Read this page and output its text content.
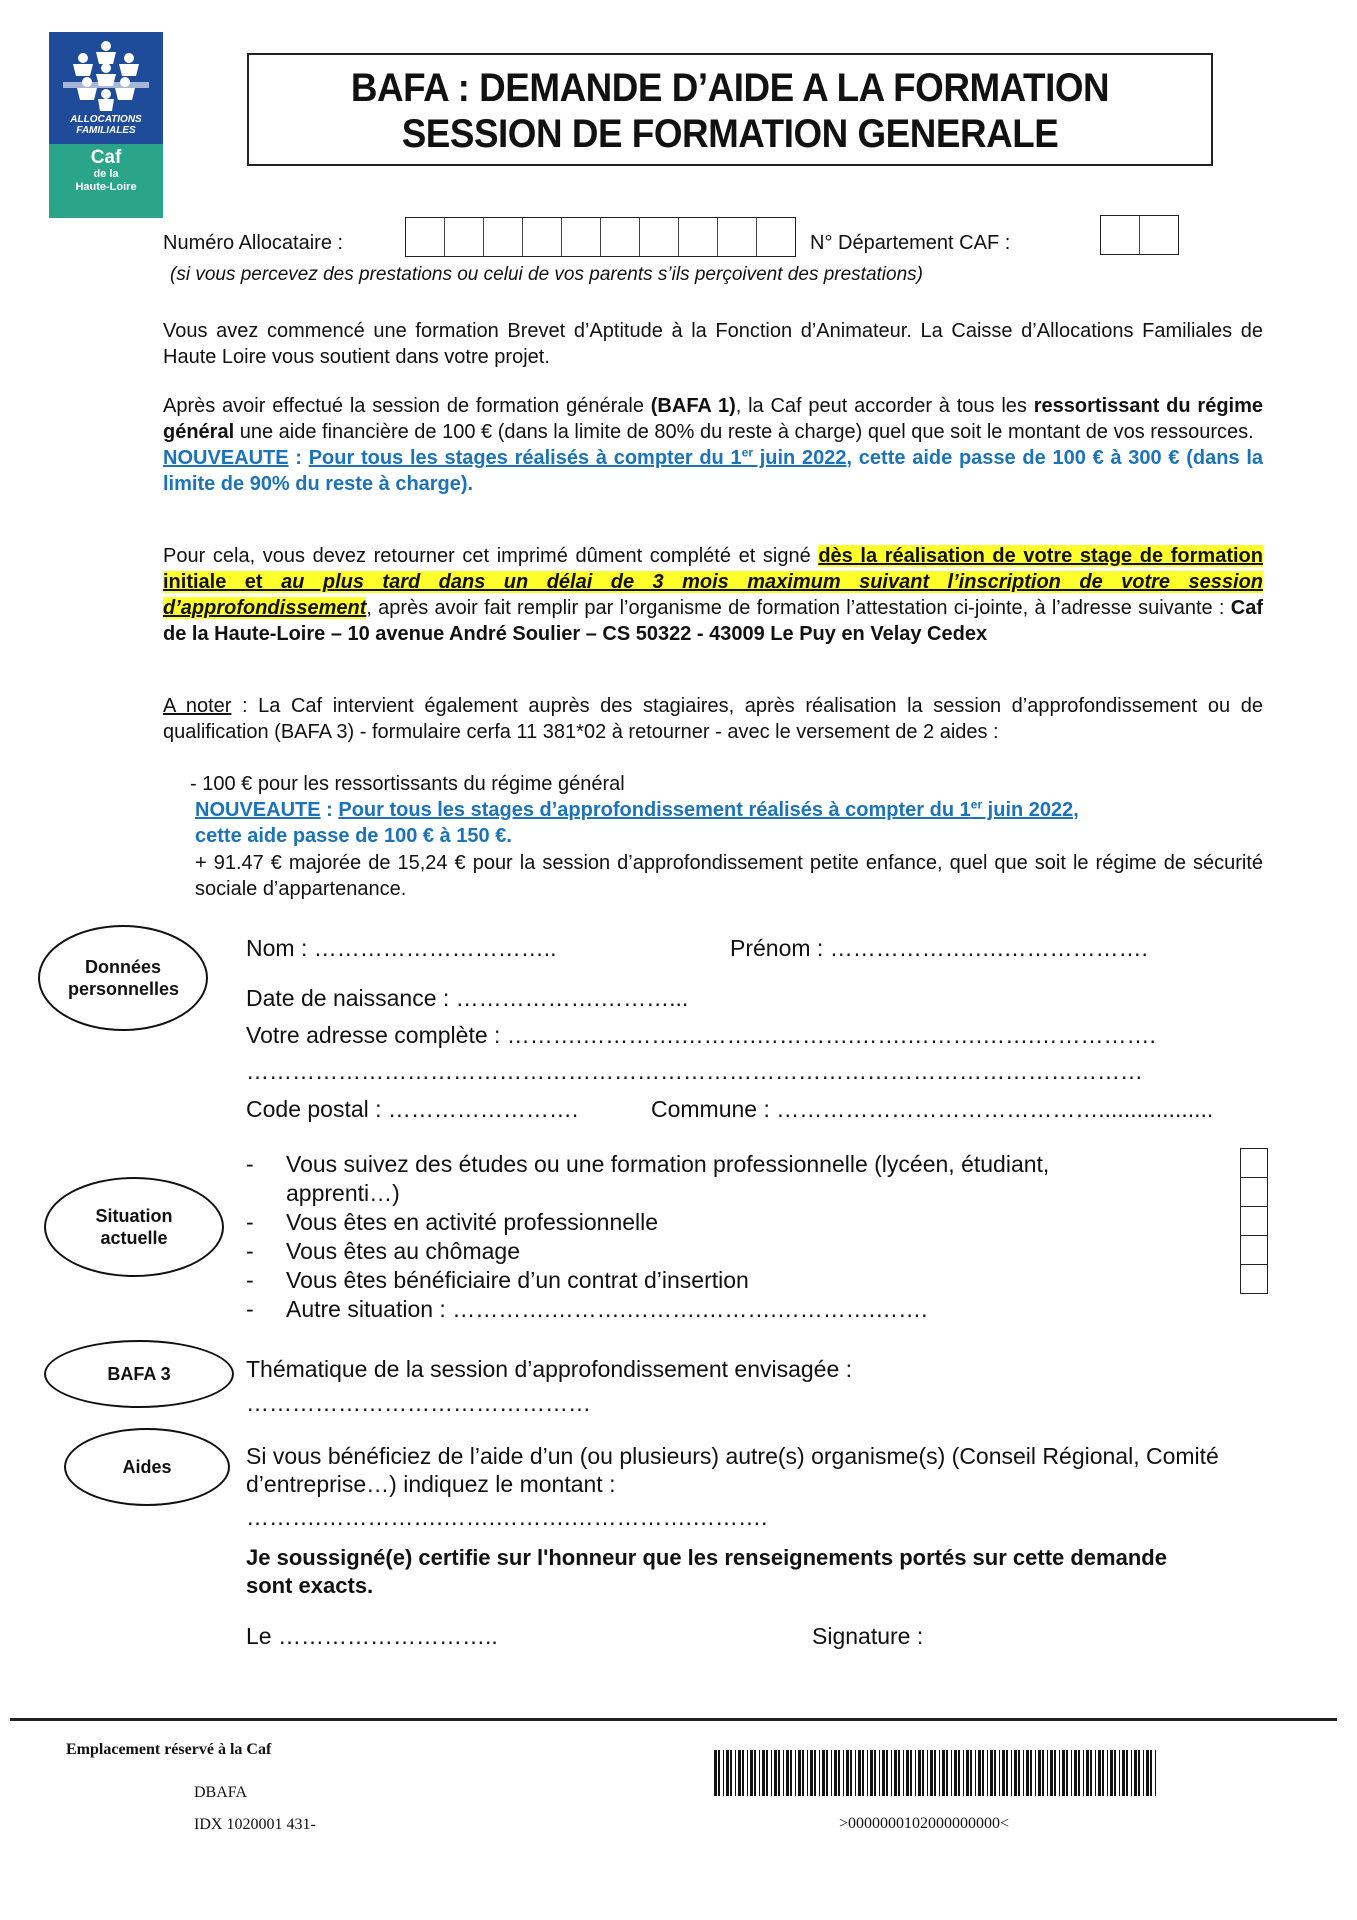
ALLOCATIONS
FAMILIALES
Caf
de la
Haute-Loire
BAFA : DEMANDE D’AIDE A LA FORMATION
SESSION DE FORMATION GENERALE
Numéro Allocataire :	N° Département CAF :
(si vous percevez des prestations ou celui de vos parents s’ils perçoivent des prestations)
Vous avez commencé une formation Brevet d’Aptitude à la Fonction d’Animateur. La Caisse d’Allocations Familiales de Haute Loire vous soutient dans votre projet.
Après avoir effectué la session de formation générale (BAFA 1), la Caf peut accorder à tous les ressortissant du régime général une aide financière de 100 € (dans la limite de 80% du reste à charge) quel que soit le montant de vos ressources.
NOUVEAUTE : Pour tous les stages réalisés à compter du 1er juin 2022, cette aide passe de 100 € à 300 € (dans la limite de 90% du reste à charge).
Pour cela, vous devez retourner cet imprimé dûment complété et signé dès la réalisation de votre stage de formation initiale et au plus tard dans un délai de 3 mois maximum suivant l’inscription de votre session d’approfondissement, après avoir fait remplir par l’organisme de formation l’attestation ci-jointe, à l’adresse suivante : Caf de la Haute-Loire – 10 avenue André Soulier – CS 50322 - 43009 Le Puy en Velay Cedex
A noter : La Caf intervient également auprès des stagiaires, après réalisation la session d’approfondissement ou de qualification (BAFA 3) - formulaire cerfa 11 381*02 à retourner - avec le versement de 2 aides :
- 100 € pour les ressortissants du régime général
NOUVEAUTE : Pour tous les stages d’approfondissement réalisés à compter du 1er juin 2022,
cette aide passe de 100 € à 150 €.
+ 91.47 € majorée de 15,24 € pour la session d’approfondissement petite enfance, quel que soit le régime de sécurité sociale d’appartenance.
Données personnelles
Nom : …………………………..	Prénom : ……………….….……………….
Date de naissance : ……………….………...
Votre adresse complète : ……….………….……….………….…….……….…….…………….
………………………………………………………………………………………………………
Code postal : …………………….	Commune : ……………………………………..................
Situation actuelle
- Vous suivez des études ou une formation professionnelle (lycéen, étudiant,
apprenti…)
- Vous êtes en activité professionnelle
- Vous êtes au chômage
- Vous êtes bénéficiaire d’un contrat d’insertion
- Autre situation : ………….……….……….……….………….…….
BAFA 3	Thématique de la session d’approfondissement envisagée :
………………………………………
Aides	Si vous bénéficiez de l’aide d’un (ou plusieurs) autre(s) organisme(s) (Conseil Régional, Comité d’entreprise…) indiquez le montant :
……….…………….…….……….…………….……….
Je soussigné(e) certifie sur l'honneur que les renseignements portés sur cette demande sont exacts.
Le ………………………..	Signature :
Emplacement réservé à la Caf
DBAFA
IDX 1020001 431-	>0000000102000000000<
